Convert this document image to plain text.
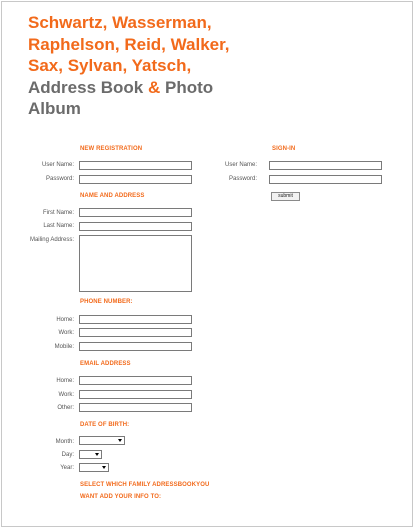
Schwartz, Wasserman,
Raphelson, Reid, Walker,
Sax, Sylvan, Yatsch,
Address Book & Photo
Album
NEW REGISTRATION
User Name:
Password:
SIGN-IN
User Name:
Password:
submit
NAME AND ADDRESS
First Name:
Last Name:
Mailing Address:
PHONE NUMBER:
Home:
Work:
Mobile:
EMAIL ADDRESS
Home:
Work:
Other:
DATE OF BIRTH:
Month:
Day:
Year:
SELECT WHICH FAMILY ADRESSBOOKYOU WANT ADD YOUR INFO TO:
